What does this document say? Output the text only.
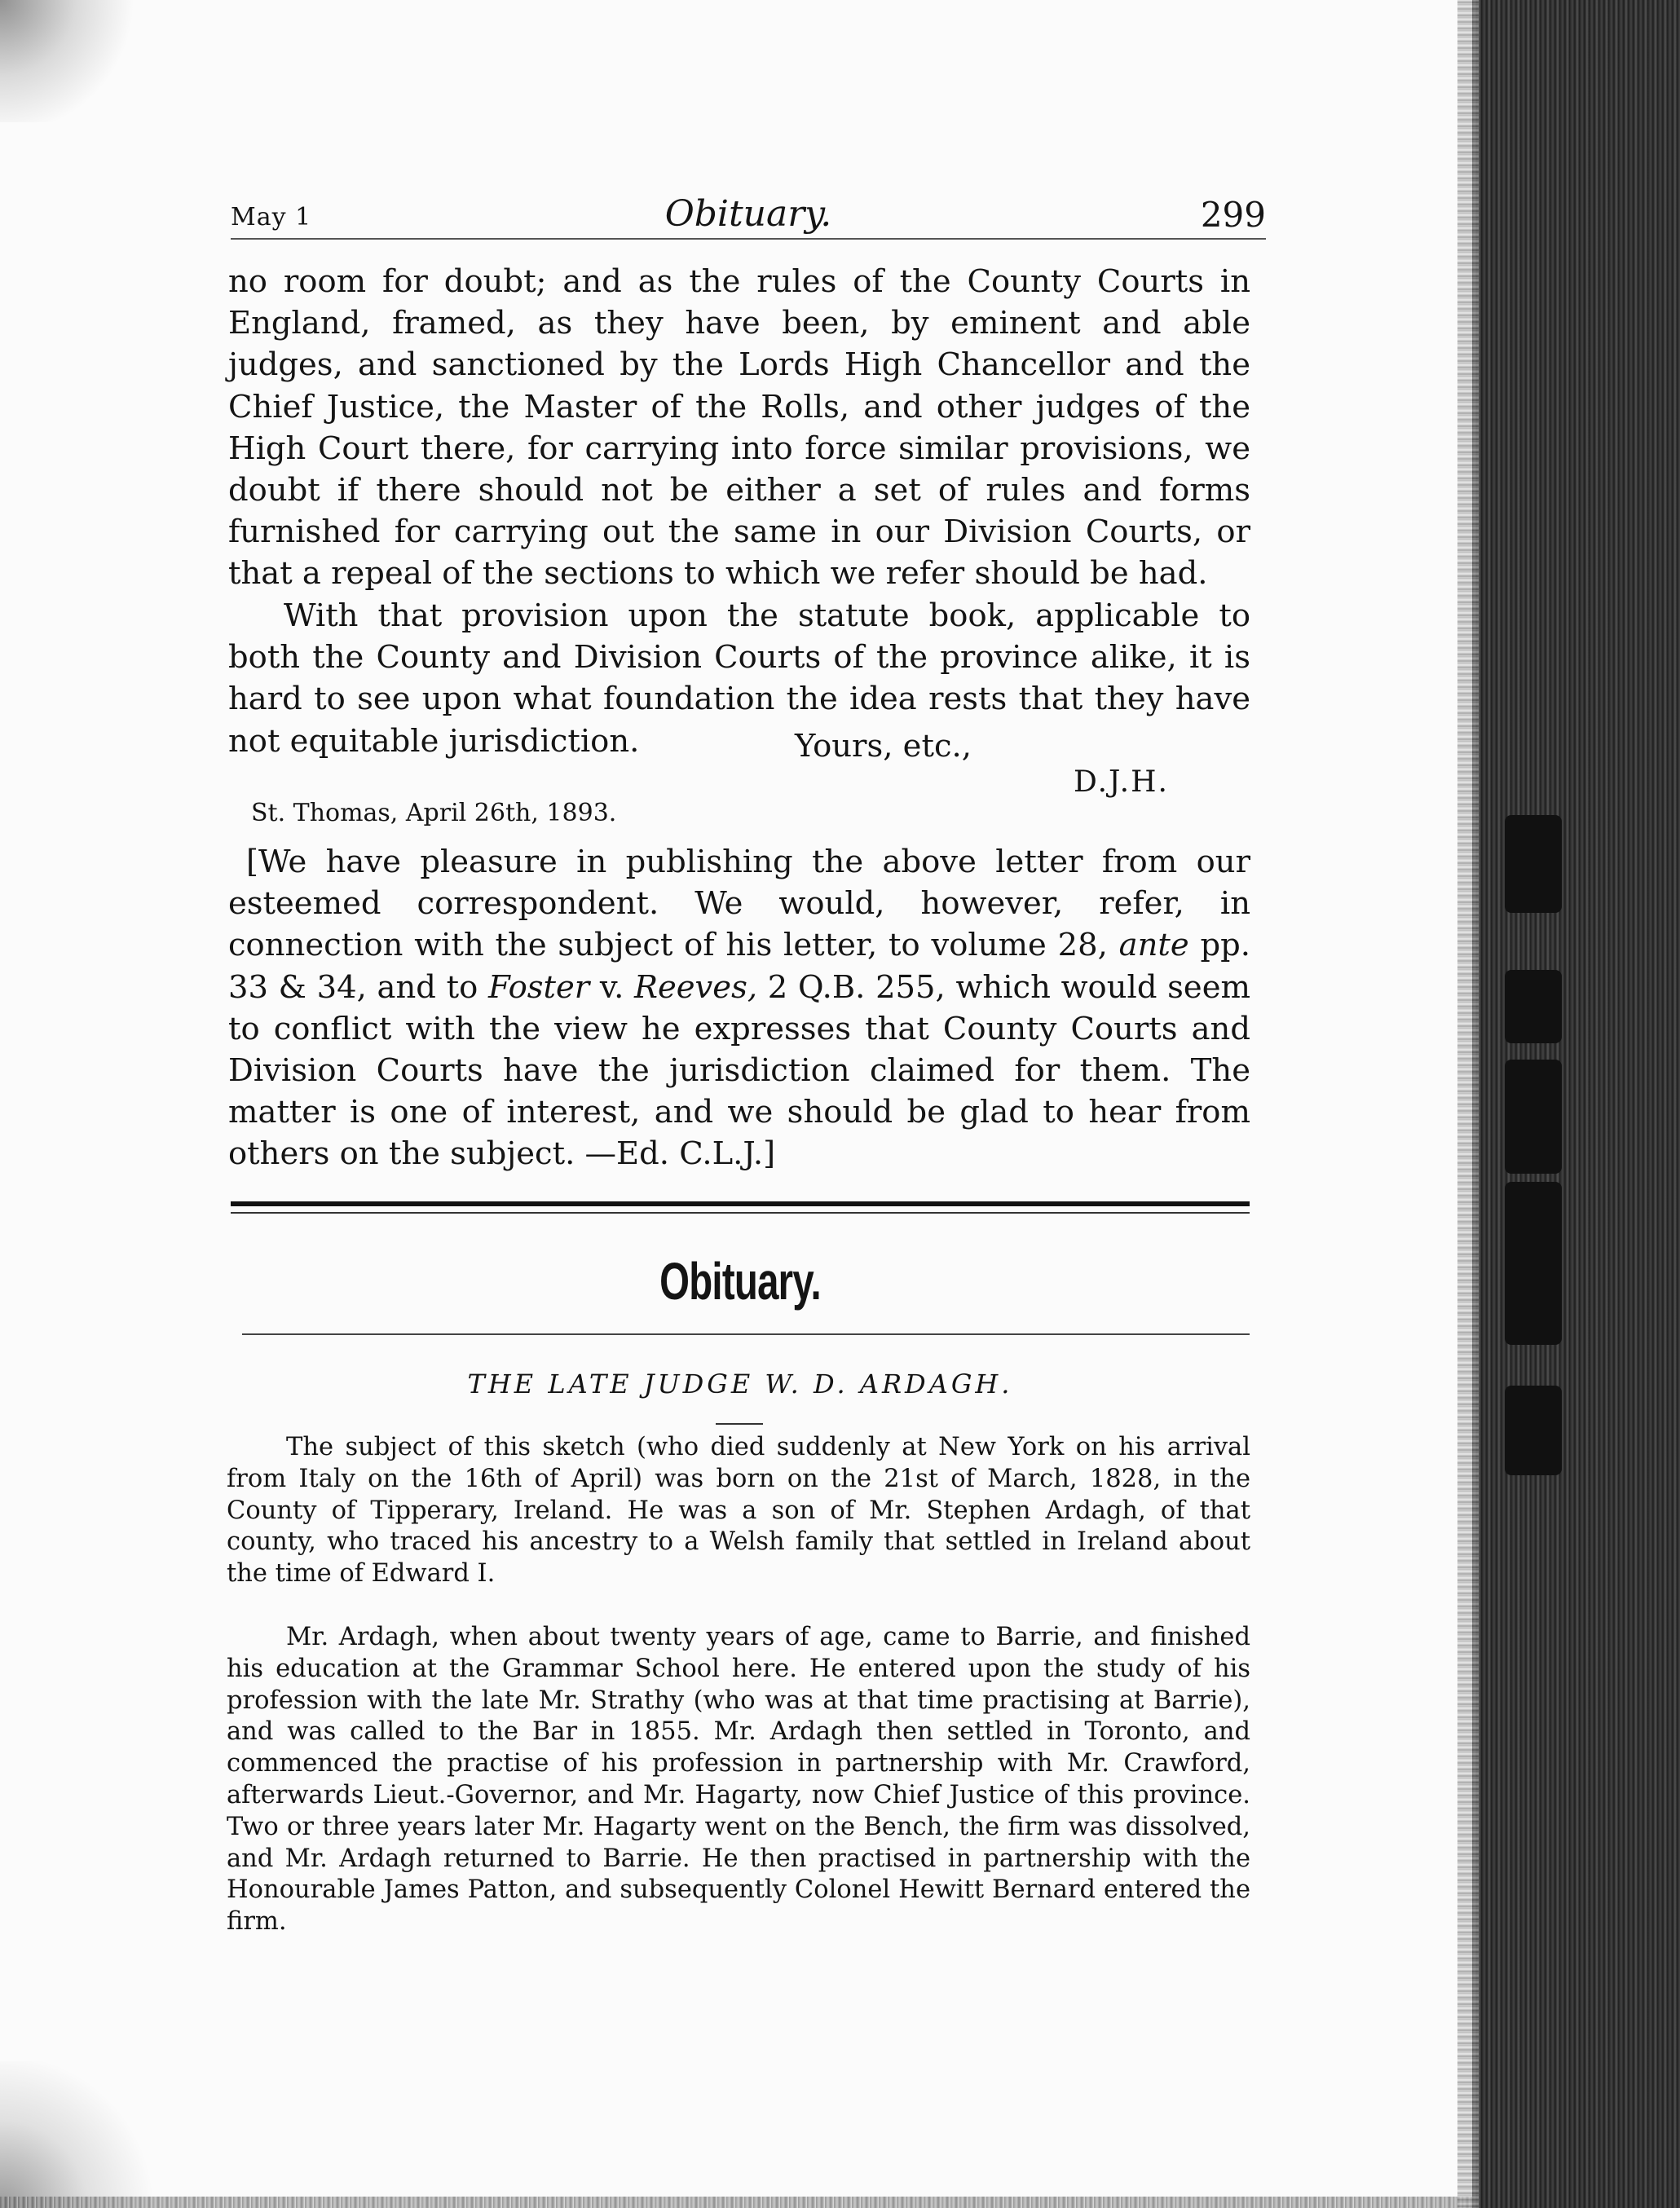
May 1	Obituary.	299

no room for doubt; and as the rules of the County Courts in England, framed, as they have been, by eminent and able judges, and sanctioned by the Lords High Chancellor and the Chief Justice, the Master of the Rolls, and other judges of the High Court there, for carrying into force similar provisions, we doubt if there should not be either a set of rules and forms furnished for carrying out the same in our Division Courts, or that a repeal of the sections to which we refer should be had.

With that provision upon the statute book, applicable to both the County and Division Courts of the province alike, it is hard to see upon what foundation the idea rests that they have not equitable jurisdiction.	Yours, etc.,
D.J.H.
St. Thomas, April 26th, 1893.

[We have pleasure in publishing the above letter from our esteemed correspondent. We would, however, refer, in connection with the subject of his letter, to volume 28, ante pp. 33 & 34, and to Foster v. Reeves, 2 Q.B. 255, which would seem to conflict with the view he expresses that County Courts and Division Courts have the jurisdiction claimed for them. The matter is one of interest, and we should be glad to hear from others on the subject. —Ed. C.L.J.]

Obituary.
THE LATE JUDGE W. D. ARDAGH.

The subject of this sketch (who died suddenly at New York on his arrival from Italy on the 16th of April) was born on the 21st of March, 1828, in the County of Tipperary, Ireland. He was a son of Mr. Stephen Ardagh, of that county, who traced his ancestry to a Welsh family that settled in Ireland about the time of Edward I.

Mr. Ardagh, when about twenty years of age, came to Barrie, and finished his education at the Grammar School here. He entered upon the study of his profession with the late Mr. Strathy (who was at that time practising at Barrie), and was called to the Bar in 1855. Mr. Ardagh then settled in Toronto, and commenced the practise of his profession in partnership with Mr. Crawford, afterwards Lieut.-Governor, and Mr. Hagarty, now Chief Justice of this province. Two or three years later Mr. Hagarty went on the Bench, the firm was dissolved, and Mr. Ardagh returned to Barrie. He then practised in partnership with the Honourable James Patton, and subsequently Colonel Hewitt Bernard entered the firm.
